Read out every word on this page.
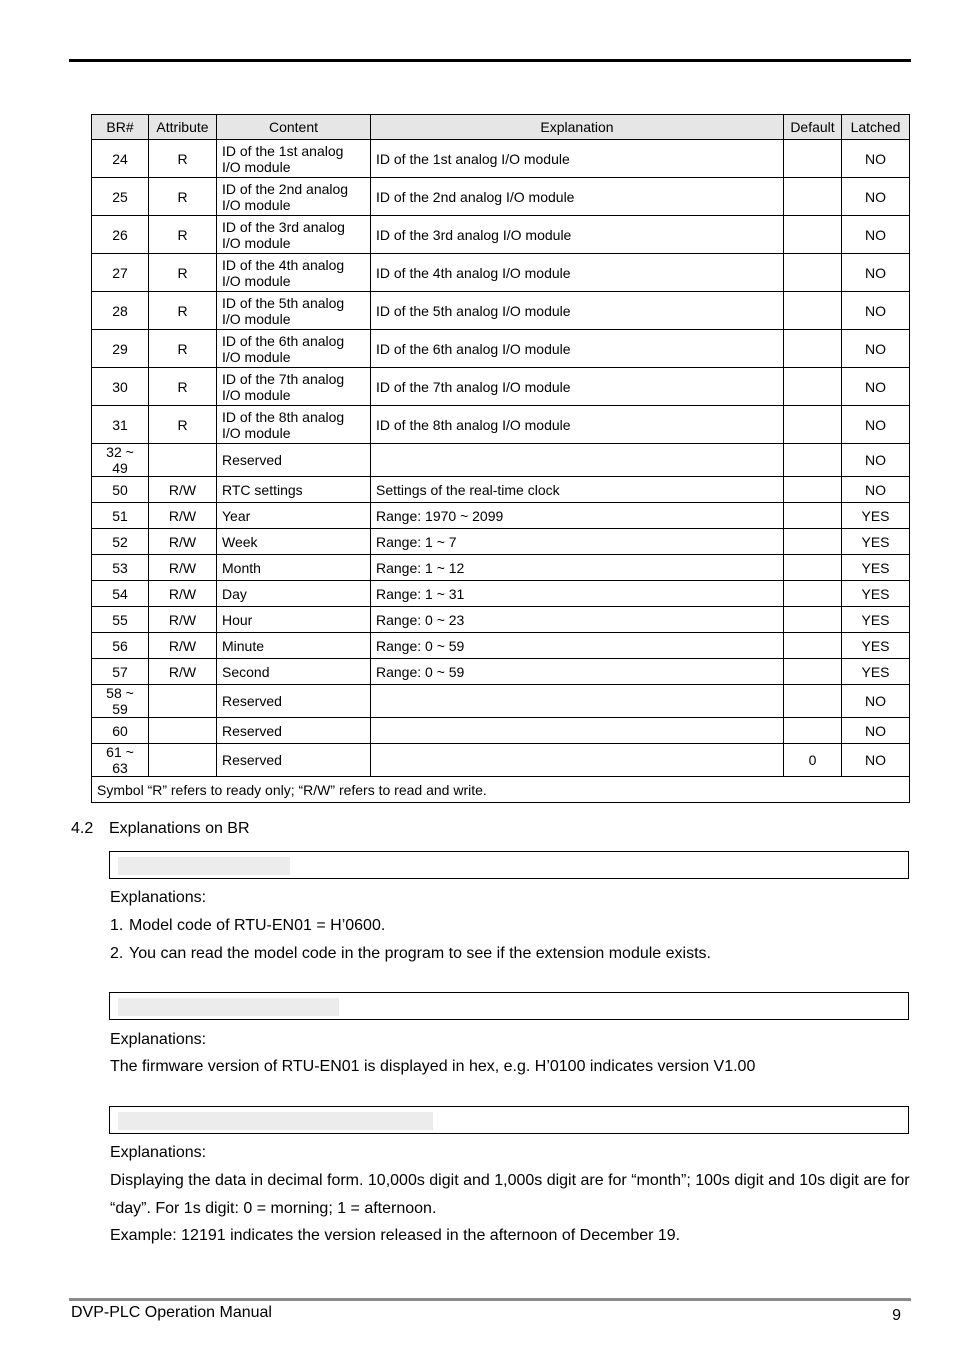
BR#	Attribute	Content	Explanation	Default	Latched
24	R	ID of the 1st analog I/O module	ID of the 1st analog I/O module		NO
25	R	ID of the 2nd analog I/O module	ID of the 2nd analog I/O module		NO
26	R	ID of the 3rd analog I/O module	ID of the 3rd analog I/O module		NO
27	R	ID of the 4th analog I/O module	ID of the 4th analog I/O module		NO
28	R	ID of the 5th analog I/O module	ID of the 5th analog I/O module		NO
29	R	ID of the 6th analog I/O module	ID of the 6th analog I/O module		NO
30	R	ID of the 7th analog I/O module	ID of the 7th analog I/O module		NO
31	R	ID of the 8th analog I/O module	ID of the 8th analog I/O module		NO
32 ~ 49		Reserved			NO
50	R/W	RTC settings	Settings of the real-time clock		NO
51	R/W	Year	Range: 1970 ~ 2099		YES
52	R/W	Week	Range: 1 ~ 7		YES
53	R/W	Month	Range: 1 ~ 12		YES
54	R/W	Day	Range: 1 ~ 31		YES
55	R/W	Hour	Range: 0 ~ 23		YES
56	R/W	Minute	Range: 0 ~ 59		YES
57	R/W	Second	Range: 0 ~ 59		YES
58 ~ 59		Reserved			NO
60		Reserved			NO
61 ~ 63		Reserved		0	NO
Symbol “R” refers to ready only; “R/W” refers to read and write.					
4.2 Explanations on BR
Explanations:
1. Model code of RTU-EN01 = H’0600.
2. You can read the model code in the program to see if the extension module exists.
Explanations:
The firmware version of RTU-EN01 is displayed in hex, e.g. H’0100 indicates version V1.00
Explanations:
Displaying the data in decimal form. 10,000s digit and 1,000s digit are for “month”; 100s digit and 10s digit are for “day”. For 1s digit: 0 = morning; 1 = afternoon.
Example: 12191 indicates the version released in the afternoon of December 19.
DVP-PLC Operation Manual	9
